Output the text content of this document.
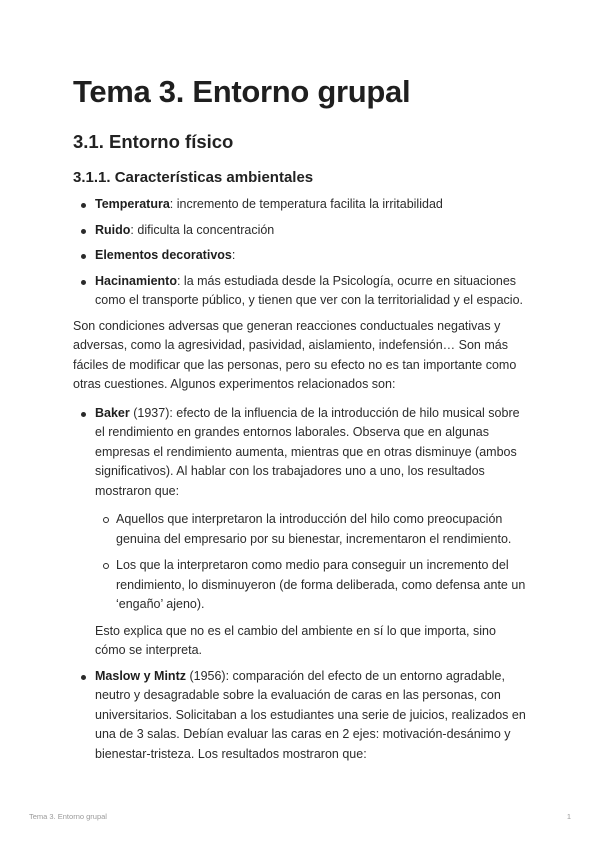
Tema 3. Entorno grupal
3.1. Entorno físico
3.1.1. Características ambientales
Temperatura: incremento de temperatura facilita la irritabilidad
Ruido: dificulta la concentración
Elementos decorativos:
Hacinamiento: la más estudiada desde la Psicología, ocurre en situaciones como el transporte público, y tienen que ver con la territorialidad y el espacio.

Son condiciones adversas que generan reacciones conductuales negativas y adversas, como la agresividad, pasividad, aislamiento, indefensión… Son más fáciles de modificar que las personas, pero su efecto no es tan importante como otras cuestiones. Algunos experimentos relacionados son:

Baker (1937): efecto de la influencia de la introducción de hilo musical sobre el rendimiento en grandes entornos laborales. Observa que en algunas empresas el rendimiento aumenta, mientras que en otras disminuye (ambos significativos). Al hablar con los trabajadores uno a uno, los resultados mostraron que:
Aquellos que interpretaron la introducción del hilo como preocupación genuina del empresario por su bienestar, incrementaron el rendimiento.
Los que la interpretaron como medio para conseguir un incremento del rendimiento, lo disminuyeron (de forma deliberada, como defensa ante un ‘engaño’ ajeno).

Esto explica que no es el cambio del ambiente en sí lo que importa, sino cómo se interpreta.

Maslow y Mintz (1956): comparación del efecto de un entorno agradable, neutro y desagradable sobre la evaluación de caras en las personas, con universitarios. Solicitaban a los estudiantes una serie de juicios, realizados en una de 3 salas. Debían evaluar las caras en 2 ejes: motivación-desánimo y bienestar-tristeza. Los resultados mostraron que:
Tema 3. Entorno grupal	1
